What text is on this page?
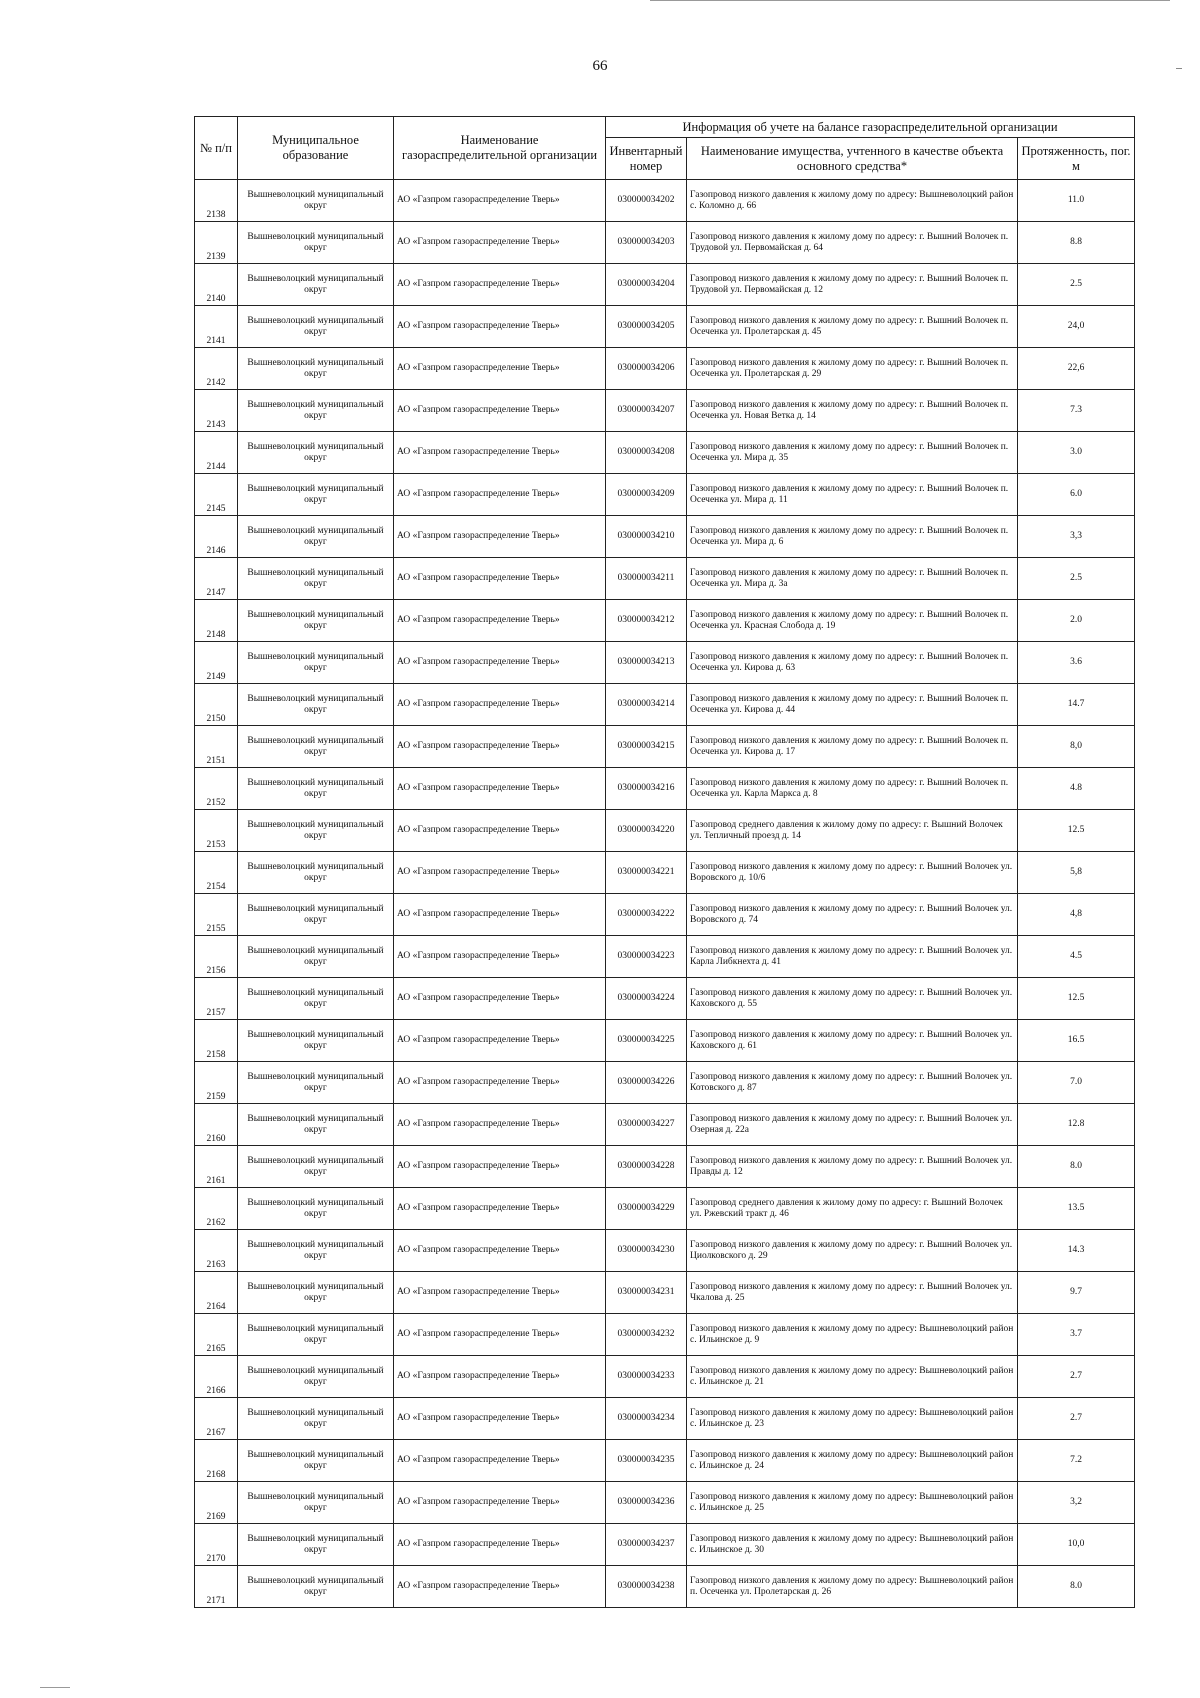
66
№ п/п	Муниципальное образование	Наименование газораспределительной организации	Информация об учете на балансе газораспределительной организации		
			Инвентарный номер	Наименование имущества, учтенного в качестве объекта основного средства*	Протяженность, пог. м
2138	Вышневолоцкий муниципальный округ	АО «Газпром газораспределение Тверь»	030000034202	Газопровод низкого давления к жилому дому по адресу: Вышневолоцкий район с. Коломно д. 66	11.0
2139	Вышневолоцкий муниципальный округ	АО «Газпром газораспределение Тверь»	030000034203	Газопровод низкого давления к жилому дому по адресу: г. Вышний Волочек п. Трудовой ул. Первомайская д. 64	8.8
2140	Вышневолоцкий муниципальный округ	АО «Газпром газораспределение Тверь»	030000034204	Газопровод низкого давления к жилому дому по адресу: г. Вышний Волочек п. Трудовой ул. Первомайская д. 12	2.5
2141	Вышневолоцкий муниципальный округ	АО «Газпром газораспределение Тверь»	030000034205	Газопровод низкого давления к жилому дому по адресу: г. Вышний Волочек п. Осеченка ул. Пролетарская д. 45	24,0
2142	Вышневолоцкий муниципальный округ	АО «Газпром газораспределение Тверь»	030000034206	Газопровод низкого давления к жилому дому по адресу: г. Вышний Волочек п. Осеченка ул. Пролетарская д. 29	22,6
2143	Вышневолоцкий муниципальный округ	АО «Газпром газораспределение Тверь»	030000034207	Газопровод низкого давления к жилому дому по адресу: г. Вышний Волочек п. Осеченка ул. Новая Ветка д. 14	7.3
2144	Вышневолоцкий муниципальный округ	АО «Газпром газораспределение Тверь»	030000034208	Газопровод низкого давления к жилому дому по адресу: г. Вышний Волочек п. Осеченка ул. Мира д. 35	3.0
2145	Вышневолоцкий муниципальный округ	АО «Газпром газораспределение Тверь»	030000034209	Газопровод низкого давления к жилому дому по адресу: г. Вышний Волочек п. Осеченка ул. Мира д. 11	6.0
2146	Вышневолоцкий муниципальный округ	АО «Газпром газораспределение Тверь»	030000034210	Газопровод низкого давления к жилому дому по адресу: г. Вышний Волочек п. Осеченка ул. Мира д. 6	3,3
2147	Вышневолоцкий муниципальный округ	АО «Газпром газораспределение Тверь»	030000034211	Газопровод низкого давления к жилому дому по адресу: г. Вышний Волочек п. Осеченка ул. Мира д. 3а	2.5
2148	Вышневолоцкий муниципальный округ	АО «Газпром газораспределение Тверь»	030000034212	Газопровод низкого давления к жилому дому по адресу: г. Вышний Волочек п. Осеченка ул. Красная Слобода д. 19	2.0
2149	Вышневолоцкий муниципальный округ	АО «Газпром газораспределение Тверь»	030000034213	Газопровод низкого давления к жилому дому по адресу: г. Вышний Волочек п. Осеченка ул. Кирова д. 63	3.6
2150	Вышневолоцкий муниципальный округ	АО «Газпром газораспределение Тверь»	030000034214	Газопровод низкого давления к жилому дому по адресу: г. Вышний Волочек п. Осеченка ул. Кирова д. 44	14.7
2151	Вышневолоцкий муниципальный округ	АО «Газпром газораспределение Тверь»	030000034215	Газопровод низкого давления к жилому дому по адресу: г. Вышний Волочек п. Осеченка ул. Кирова д. 17	8,0
2152	Вышневолоцкий муниципальный округ	АО «Газпром газораспределение Тверь»	030000034216	Газопровод низкого давления к жилому дому по адресу: г. Вышний Волочек п. Осеченка ул. Карла Маркса д. 8	4.8
2153	Вышневолоцкий муниципальный округ	АО «Газпром газораспределение Тверь»	030000034220	Газопровод среднего давления к жилому дому по адресу: г. Вышний Волочек ул. Тепличный проезд д. 14	12.5
2154	Вышневолоцкий муниципальный округ	АО «Газпром газораспределение Тверь»	030000034221	Газопровод низкого давления к жилому дому по адресу: г. Вышний Волочек ул. Воровского д. 10/6	5,8
2155	Вышневолоцкий муниципальный округ	АО «Газпром газораспределение Тверь»	030000034222	Газопровод низкого давления к жилому дому по адресу: г. Вышний Волочек ул. Воровского д. 74	4,8
2156	Вышневолоцкий муниципальный округ	АО «Газпром газораспределение Тверь»	030000034223	Газопровод низкого давления к жилому дому по адресу: г. Вышний Волочек ул. Карла Либкнехта д. 41	4.5
2157	Вышневолоцкий муниципальный округ	АО «Газпром газораспределение Тверь»	030000034224	Газопровод низкого давления к жилому дому по адресу: г. Вышний Волочек ул. Каховского д. 55	12.5
2158	Вышневолоцкий муниципальный округ	АО «Газпром газораспределение Тверь»	030000034225	Газопровод низкого давления к жилому дому по адресу: г. Вышний Волочек ул. Каховского д. 61	16.5
2159	Вышневолоцкий муниципальный округ	АО «Газпром газораспределение Тверь»	030000034226	Газопровод низкого давления к жилому дому по адресу: г. Вышний Волочек ул. Котовского д. 87	7.0
2160	Вышневолоцкий муниципальный округ	АО «Газпром газораспределение Тверь»	030000034227	Газопровод низкого давления к жилому дому по адресу: г. Вышний Волочек ул. Озерная д. 22а	12.8
2161	Вышневолоцкий муниципальный округ	АО «Газпром газораспределение Тверь»	030000034228	Газопровод низкого давления к жилому дому по адресу: г. Вышний Волочек ул. Правды д. 12	8.0
2162	Вышневолоцкий муниципальный округ	АО «Газпром газораспределение Тверь»	030000034229	Газопровод среднего давления к жилому дому по адресу: г. Вышний Волочек ул. Ржевский тракт д. 46	13.5
2163	Вышневолоцкий муниципальный округ	АО «Газпром газораспределение Тверь»	030000034230	Газопровод низкого давления к жилому дому по адресу: г. Вышний Волочек ул. Циолковского д. 29	14.3
2164	Вышневолоцкий муниципальный округ	АО «Газпром газораспределение Тверь»	030000034231	Газопровод низкого давления к жилому дому по адресу: г. Вышний Волочек ул. Чкалова д. 25	9.7
2165	Вышневолоцкий муниципальный округ	АО «Газпром газораспределение Тверь»	030000034232	Газопровод низкого давления к жилому дому по адресу: Вышневолоцкий район с. Ильинское д. 9	3.7
2166	Вышневолоцкий муниципальный округ	АО «Газпром газораспределение Тверь»	030000034233	Газопровод низкого давления к жилому дому по адресу: Вышневолоцкий район с. Ильинское д. 21	2.7
2167	Вышневолоцкий муниципальный округ	АО «Газпром газораспределение Тверь»	030000034234	Газопровод низкого давления к жилому дому по адресу: Вышневолоцкий район с. Ильинское д. 23	2.7
2168	Вышневолоцкий муниципальный округ	АО «Газпром газораспределение Тверь»	030000034235	Газопровод низкого давления к жилому дому по адресу: Вышневолоцкий район с. Ильинское д. 24	7.2
2169	Вышневолоцкий муниципальный округ	АО «Газпром газораспределение Тверь»	030000034236	Газопровод низкого давления к жилому дому по адресу: Вышневолоцкий район с. Ильинское д. 25	3,2
2170	Вышневолоцкий муниципальный округ	АО «Газпром газораспределение Тверь»	030000034237	Газопровод низкого давления к жилому дому по адресу: Вышневолоцкий район с. Ильинское д. 30	10,0
2171	Вышневолоцкий муниципальный округ	АО «Газпром газораспределение Тверь»	030000034238	Газопровод низкого давления к жилому дому по адресу: Вышневолоцкий район п. Осеченка ул. Пролетарская д. 26	8.0
